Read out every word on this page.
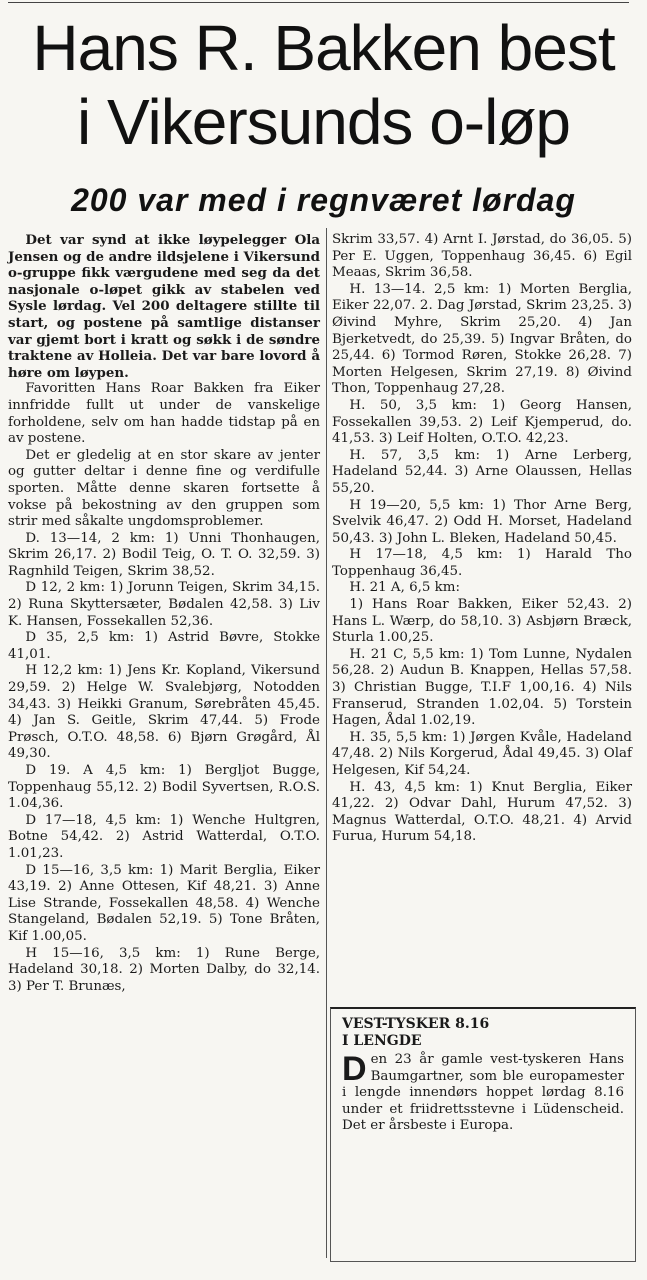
Hans R. Bakken best
i Vikersunds o-løp
200 var med i regnværet lørdag

Det var synd at ikke løypelegger Ola Jensen og de andre ildsjelene i Vikersund o-gruppe fikk værgudene med seg da det nasjonale o-løpet gikk av stabelen ved Sysle lørdag. Vel 200 deltagere stillte til start, og postene på samtlige distanser var gjemt bort i kratt og søkk i de søndre traktene av Holleia. Det var bare lovord å høre om løypen.

Favoritten Hans Roar Bakken fra Eiker innfridde fullt ut under de vanskelige forholdene, selv om han hadde tidstap på en av postene.

Det er gledelig at en stor skare av jenter og gutter deltar i denne fine og verdifulle sporten. Måtte denne skaren fortsette å vokse på bekostning av den gruppen som strir med såkalte ungdomsproblemer.

D. 13—14, 2 km: 1) Unni Thonhaugen, Skrim 26,17. 2) Bodil Teig, O. T. O. 32,59. 3) Ragnhild Teigen, Skrim 38,52.

D 12, 2 km: 1) Jorunn Teigen, Skrim 34,15. 2) Runa Skyttersæter, Bødalen 42,58. 3) Liv K. Hansen, Fossekallen 52,36.

D 35, 2,5 km: 1) Astrid Bøvre, Stokke 41,01.

H 12,2 km: 1) Jens Kr. Kopland, Vikersund 29,59. 2) Helge W. Svalebjørg, Notodden 34,43. 3) Heikki Granum, Sørebråten 45,45. 4) Jan S. Geitle, Skrim 47,44. 5) Frode Prøsch, O.T.O. 48,58. 6) Bjørn Grøgård, Ål 49,30.

D 19. A 4,5 km: 1) Bergljot Bugge, Toppenhaug 55,12. 2) Bodil Syvertsen, R.O.S. 1.04,36.

D 17—18, 4,5 km: 1) Wenche Hultgren, Botne 54,42. 2) Astrid Watterdal, O.T.O. 1.01,23.

D 15—16, 3,5 km: 1) Marit Berglia, Eiker 43,19. 2) Anne Ottesen, Kif 48,21. 3) Anne Lise Strande, Fossekallen 48,58. 4) Wenche Stangeland, Bødalen 52,19. 5) Tone Bråten, Kif 1.00,05.

H 15—16, 3,5 km: 1) Rune Berge, Hadeland 30,18. 2) Morten Dalby, do 32,14. 3) Per T. Brunæs,

Skrim 33,57. 4) Arnt I. Jørstad, do 36,05. 5) Per E. Uggen, Toppenhaug 36,45. 6) Egil Meaas, Skrim 36,58.

H. 13—14. 2,5 km: 1) Morten Berglia, Eiker 22,07. 2. Dag Jørstad, Skrim 23,25. 3) Øivind Myhre, Skrim 25,20. 4) Jan Bjerketvedt, do 25,39. 5) Ingvar Bråten, do 25,44. 6) Tormod Røren, Stokke 26,28. 7) Morten Helgesen, Skrim 27,19. 8) Øivind Thon, Toppenhaug 27,28.

H. 50, 3,5 km: 1) Georg Hansen, Fossekallen 39,53. 2) Leif Kjemperud, do. 41,53. 3) Leif Holten, O.T.O. 42,23.

H. 57, 3,5 km: 1) Arne Lerberg, Hadeland 52,44. 3) Arne Olaussen, Hellas 55,20.

H 19—20, 5,5 km: 1) Thor Arne Berg, Svelvik 46,47. 2) Odd H. Morset, Hadeland 50,43. 3) John L. Bleken, Hadeland 50,45.

H 17—18, 4,5 km: 1) Harald Tho Toppenhaug 36,45.

H. 21 A, 6,5 km:

1) Hans Roar Bakken, Eiker 52,43. 2) Hans L. Wærp, do 58,10. 3) Asbjørn Bræck, Sturla 1.00,25.

H. 21 C, 5,5 km: 1) Tom Lunne, Nydalen 56,28. 2) Audun B. Knappen, Hellas 57,58. 3) Christian Bugge, T.I.F 1,00,16. 4) Nils Franserud, Stranden 1.02,04. 5) Torstein Hagen, Ådal 1.02,19.

H. 35, 5,5 km: 1) Jørgen Kvåle, Hadeland 47,48. 2) Nils Korgerud, Ådal 49,45. 3) Olaf Helgesen, Kif 54,24.

H. 43, 4,5 km: 1) Knut Berglia, Eiker 41,22. 2) Odvar Dahl, Hurum 47,52. 3) Magnus Watterdal, O.T.O. 48,21. 4) Arvid Furua, Hurum 54,18.

VEST-TYSKER 8.16
I LENGDE

Den 23 år gamle vest-tyskeren Hans Baumgartner, som ble europamester i lengde innendørs hoppet lørdag 8.16 under et friidrettsstevne i Lüdenscheid. Det er årsbeste i Europa.
